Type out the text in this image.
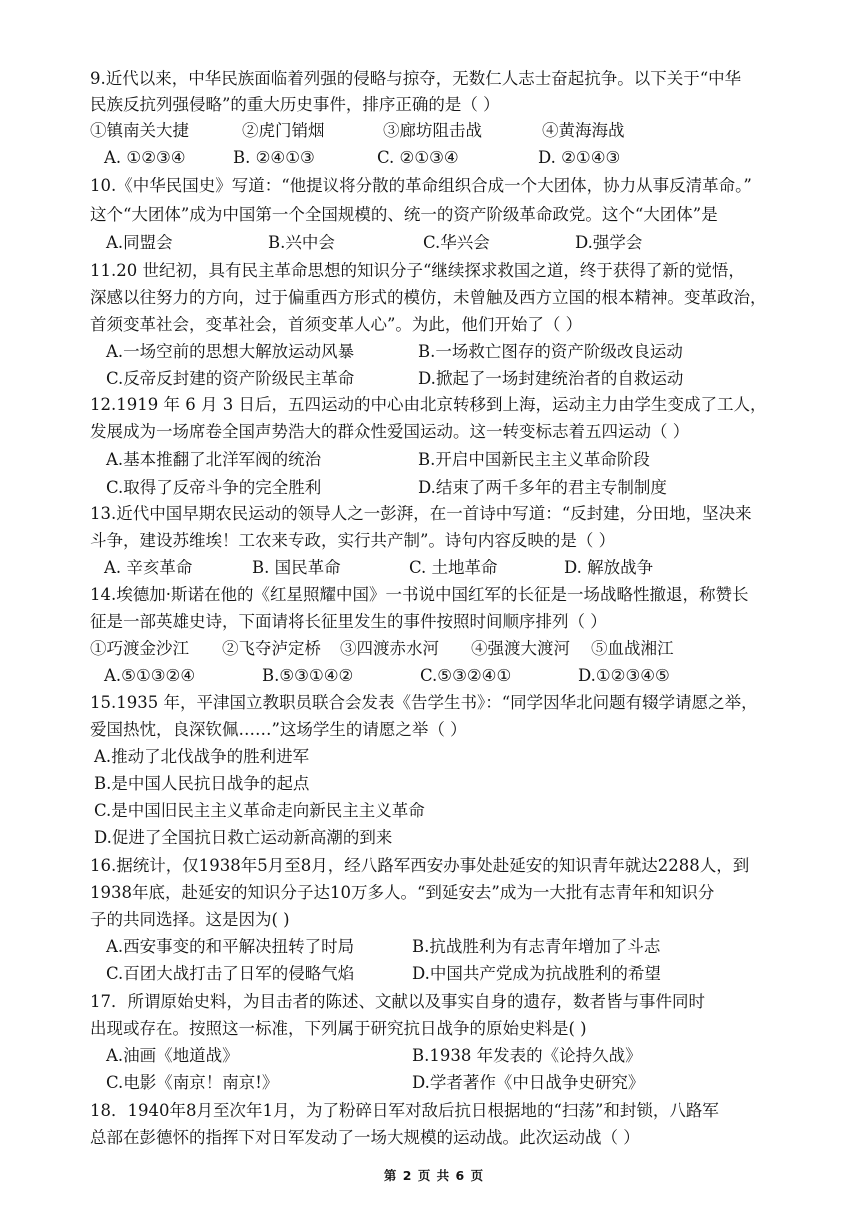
9.近代以来，中华民族面临着列强的侵略与掠夺，无数仁人志士奋起抗争。以下关于“中华

民族反抗列强侵略”的重大历史事件，排序正确的是（ ）

①镇南关大捷	②虎门销烟	③廊坊阻击战	④黄海海战
A. ①②③④	B. ②④①③	C. ②①③④	D. ②①④③

10.《中华民国史》写道：“他提议将分散的革命组织合成一个大团体，协力从事反清革命。”

这个“大团体”成为中国第一个全国规模的、统一的资产阶级革命政党。这个“大团体”是

A.同盟会	B.兴中会	C.华兴会	D.强学会

11.20 世纪初，具有民主革命思想的知识分子“继续探求救国之道，终于获得了新的觉悟，

深感以往努力的方向，过于偏重西方形式的模仿，未曾触及西方立国的根本精神。变革政治，

首须变革社会，变革社会，首须变革人心”。为此，他们开始了（ ）

A.一场空前的思想大解放运动风暴	B.一场救亡图存的资产阶级改良运动
C.反帝反封建的资产阶级民主革命	D.掀起了一场封建统治者的自救运动

12.1919 年 6 月 3 日后，五四运动的中心由北京转移到上海，运动主力由学生变成了工人，

发展成为一场席卷全国声势浩大的群众性爱国运动。这一转变标志着五四运动（ ）

A.基本推翻了北洋军阀的统治	B.开启中国新民主主义革命阶段
C.取得了反帝斗争的完全胜利	D.结束了两千多年的君主专制制度

13.近代中国早期农民运动的领导人之一彭湃，在一首诗中写道：“反封建，分田地，坚决来

斗争，建设苏维埃！工农来专政，实行共产制”。诗句内容反映的是（ ）

A. 辛亥革命	B. 国民革命	C. 土地革命	D. 解放战争

14.埃德加·斯诺在他的《红星照耀中国》一书说中国红军的长征是一场战略性撤退，称赞长

征是一部英雄史诗，下面请将长征里发生的事件按照时间顺序排列（ ）

①巧渡金沙江 ②飞夺泸定桥 ③四渡赤水河 ④强渡大渡河 ⑤血战湘江
A.⑤①③②④	B.⑤③①④②	C.⑤③②④①	D.①②③④⑤

15.1935 年，平津国立教职员联合会发表《告学生书》：“同学因华北问题有辍学请愿之举，

爱国热忱，良深钦佩……”这场学生的请愿之举（ ）

A.推动了北伐战争的胜利进军
B.是中国人民抗日战争的起点
C.是中国旧民主主义革命走向新民主主义革命
D.促进了全国抗日救亡运动新高潮的到来

16.据统计，仅1938年5月至8月，经八路军西安办事处赴延安的知识青年就达2288人，到

1938年底，赴延安的知识分子达10万多人。“到延安去”成为一大批有志青年和知识分

子的共同选择。这是因为( )

A.西安事变的和平解决扭转了时局	B.抗战胜利为有志青年增加了斗志
C.百团大战打击了日军的侵略气焰	D.中国共产党成为抗战胜利的希望

17．所谓原始史料，为目击者的陈述、文献以及事实自身的遗存，数者皆与事件同时

出现或存在。按照这一标准，下列属于研究抗日战争的原始史料是( )

A.油画《地道战》	B.1938 年发表的《论持久战》
C.电影《南京！南京!》	D.学者著作《中日战争史研究》

18．1940年8月至次年1月，为了粉碎日军对敌后抗日根据地的“扫荡”和封锁，八路军

总部在彭德怀的指挥下对日军发动了一场大规模的运动战。此次运动战（ ）

第 2 页 共 6 页
